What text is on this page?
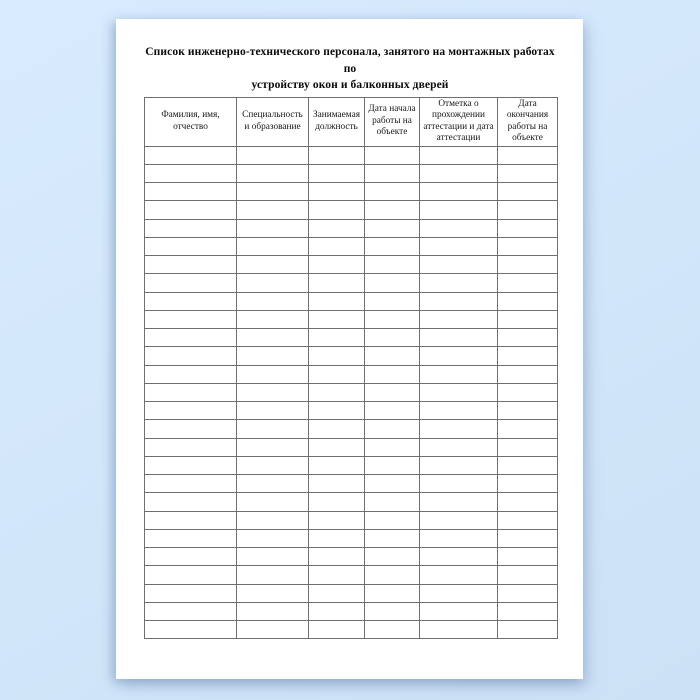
Список инженерно-технического персонала, занятого на монтажных работах по
устройству окон и балконных дверей
Фамилия, имя, отчество	Специальность и образование	Занимаемая должность	Дата начала работы на объекте	Отметка о прохождении аттестации и дата аттестации	Дата окончания работы на объекте
